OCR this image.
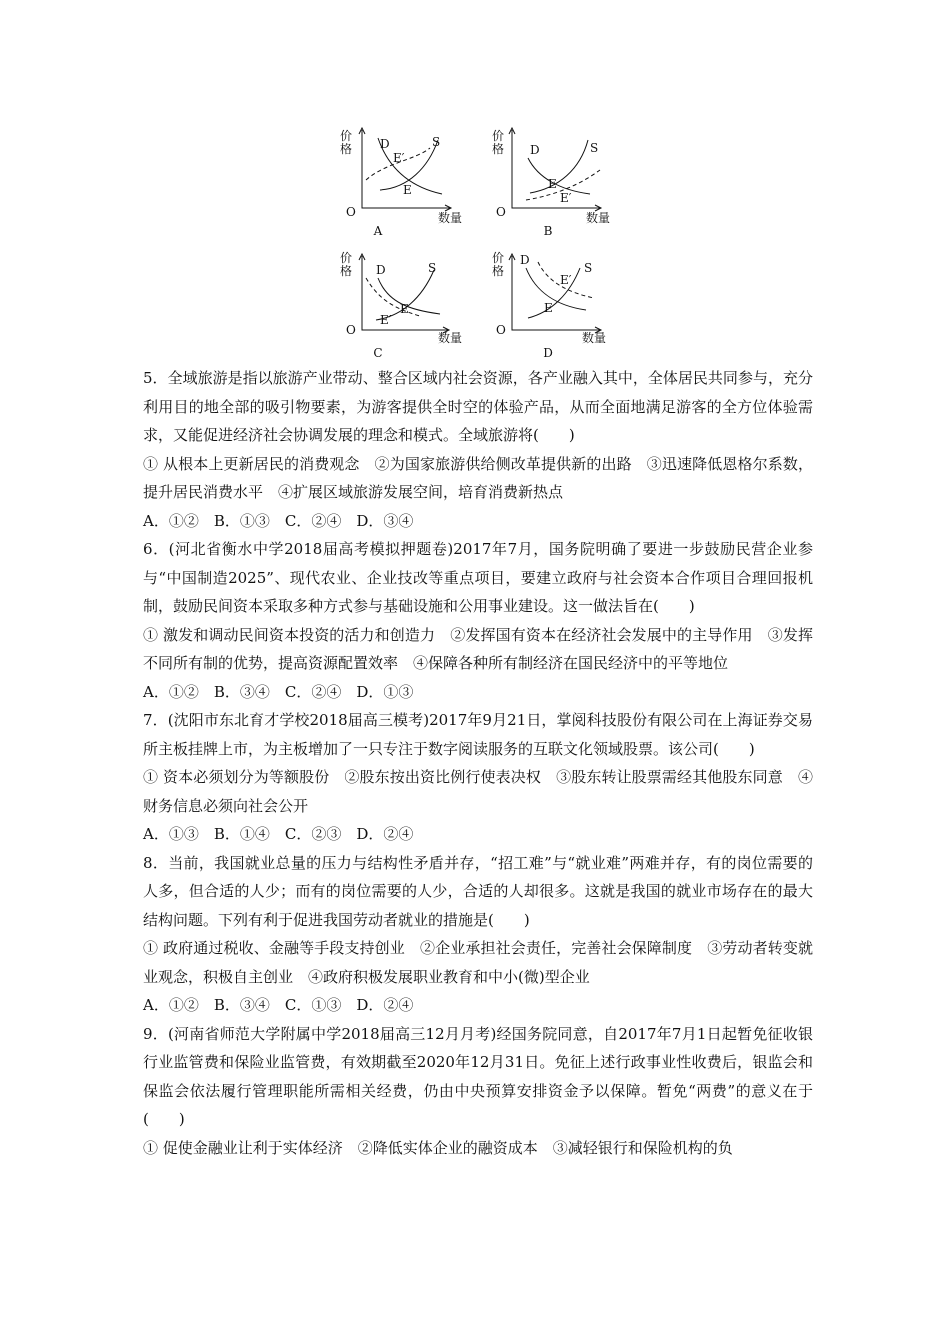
价格 D	S
E′
E
O	数量
A
价格 D	S
E
E′
O	数量
B
价格 D	S
E
E′
O
数量
C
价格
D
S
E′
E
O
数量
D

5．全域旅游是指以旅游产业带动、整合区域内社会资源，各产业融入其中，全体居民共同参与，充分利用目的地全部的吸引物要素，为游客提供全时空的体验产品，从而全面地满足游客的全方位体验需求，又能促进经济社会协调发展的理念和模式。全域旅游将(　　)

① 从根本上更新居民的消费观念　②为国家旅游供给侧改革提供新的出路　③迅速降低恩格尔系数，提升居民消费水平　④扩展区域旅游发展空间，培育消费新热点

A．①②　B．①③　C．②④　D．③④

6．(河北省衡水中学2018届高考模拟押题卷)2017年7月，国务院明确了要进一步鼓励民营企业参与“中国制造2025”、现代农业、企业技改等重点项目，要建立政府与社会资本合作项目合理回报机制，鼓励民间资本采取多种方式参与基础设施和公用事业建设。这一做法旨在(　　)

① 激发和调动民间资本投资的活力和创造力　②发挥国有资本在经济社会发展中的主导作用　③发挥不同所有制的优势，提高资源配置效率　④保障各种所有制经济在国民经济中的平等地位

A．①②　B．③④　C．②④　D．①③

7．(沈阳市东北育才学校2018届高三模考)2017年9月21日，掌阅科技股份有限公司在上海证券交易所主板挂牌上市，为主板增加了一只专注于数字阅读服务的互联文化领域股票。该公司(　　)

① 资本必须划分为等额股份　②股东按出资比例行使表决权　③股东转让股票需经其他股东同意　④财务信息必须向社会公开

A．①③　B．①④　C．②③　D．②④

8．当前，我国就业总量的压力与结构性矛盾并存，“招工难”与“就业难”两难并存，有的岗位需要的人多，但合适的人少；而有的岗位需要的人少，合适的人却很多。这就是我国的就业市场存在的最大结构问题。下列有利于促进我国劳动者就业的措施是(　　)

① 政府通过税收、金融等手段支持创业　②企业承担社会责任，完善社会保障制度　③劳动者转变就业观念，积极自主创业　④政府积极发展职业教育和中小(微)型企业

A．①②　B．③④　C．①③　D．②④

9．(河南省师范大学附属中学2018届高三12月月考)经国务院同意，自2017年7月1日起暂免征收银行业监管费和保险业监管费，有效期截至2020年12月31日。免征上述行政事业性收费后，银监会和保监会依法履行管理职能所需相关经费，仍由中央预算安排资金予以保障。暂免“两费”的意义在于(　　)

① 促使金融业让利于实体经济　②降低实体企业的融资成本　③减轻银行和保险机构的负
